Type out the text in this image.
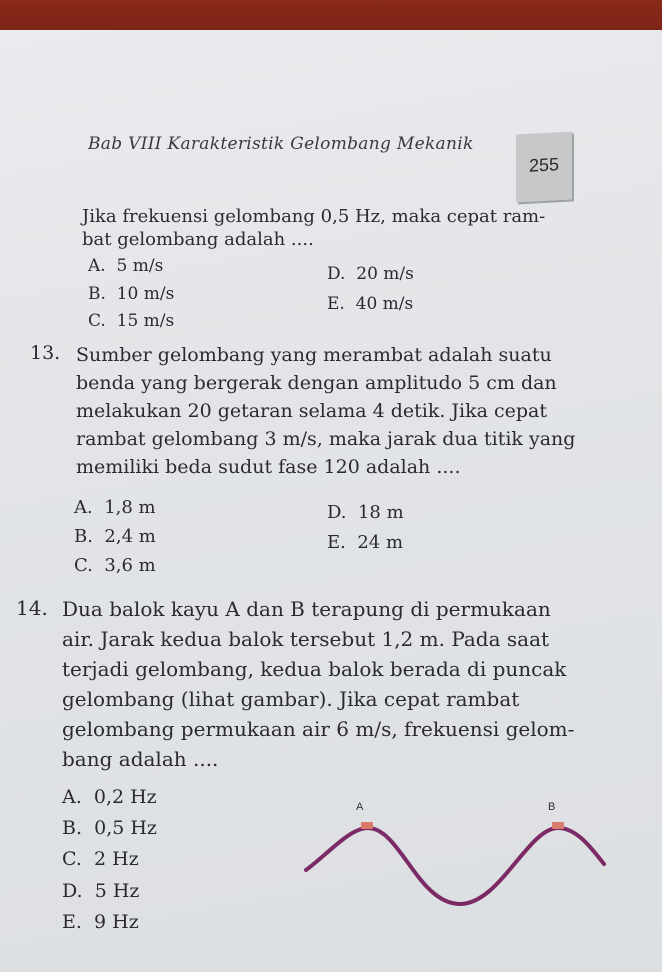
Bab VIII Karakteristik Gelombang Mekanik
255
Jika frekuensi gelombang 0,5 Hz, maka cepat ram-
bat gelombang adalah ....
A. 5 m/s
B. 10 m/s
C. 15 m/s
D. 20 m/s
E. 40 m/s
13. Sumber gelombang yang merambat adalah suatu
benda yang bergerak dengan amplitudo 5 cm dan
melakukan 20 getaran selama 4 detik. Jika cepat
rambat gelombang 3 m/s, maka jarak dua titik yang
memiliki beda sudut fase 120 adalah ....
A. 1,8 m
B. 2,4 m
C. 3,6 m
D. 18 m
E. 24 m
14. Dua balok kayu A dan B terapung di permukaan
air. Jarak kedua balok tersebut 1,2 m. Pada saat
terjadi gelombang, kedua balok berada di puncak
gelombang (lihat gambar). Jika cepat rambat
gelombang permukaan air 6 m/s, frekuensi gelom-
bang adalah ....
A. 0,2 Hz
B. 0,5 Hz
C. 2 Hz
D. 5 Hz
E. 9 Hz
A	B
